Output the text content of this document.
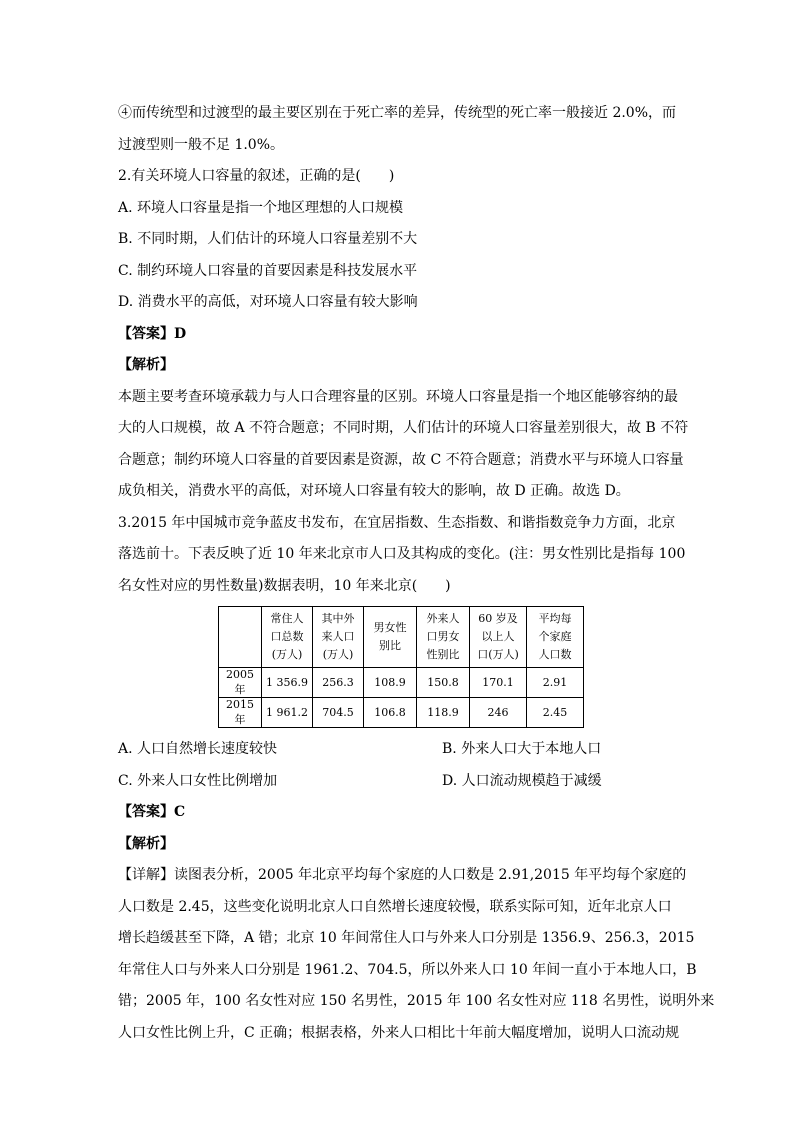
④而传统型和过渡型的最主要区别在于死亡率的差异，传统型的死亡率一般接近 2.0%，而
过渡型则一般不足 1.0%。
2.有关环境人口容量的叙述，正确的是(　　)
A. 环境人口容量是指一个地区理想的人口规模
B. 不同时期，人们估计的环境人口容量差别不大
C. 制约环境人口容量的首要因素是科技发展水平
D. 消费水平的高低，对环境人口容量有较大影响
【答案】D
【解析】
本题主要考查环境承载力与人口合理容量的区别。环境人口容量是指一个地区能够容纳的最
大的人口规模，故 A 不符合题意；不同时期，人们估计的环境人口容量差别很大，故 B 不符
合题意；制约环境人口容量的首要因素是资源，故 C 不符合题意；消费水平与环境人口容量
成负相关，消费水平的高低，对环境人口容量有较大的影响，故 D 正确。故选 D。
3.2015 年中国城市竞争蓝皮书发布，在宜居指数、生态指数、和谐指数竞争力方面，北京
落选前十。下表反映了近 10 年来北京市人口及其构成的变化。(注：男女性别比是指每 100
名女性对应的男性数量)数据表明，10 年来北京(　　)

	常住人
口总数
(万人)	其中外
来人口
(万人)	男女性
别比	外来人
口男女
性别比	60 岁及
以上人
口(万人)	平均每
个家庭
人口数

2005 年	1 356.9	256.3	108.9	150.8	170.1	2.91
2015 年	1 961.2	704.5	106.8	118.9	246	2.45
A. 人口自然增长速度较快	B. 外来人口大于本地人口
C. 外来人口女性比例增加	D. 人口流动规模趋于减缓
【答案】C
【解析】
【详解】读图表分析，2005 年北京平均每个家庭的人口数是 2.91,2015 年平均每个家庭的
人口数是 2.45，这些变化说明北京人口自然增长速度较慢，联系实际可知，近年北京人口
增长趋缓甚至下降，A 错；北京 10 年间常住人口与外来人口分别是 1356.9、256.3，2015
年常住人口与外来人口分别是 1961.2、704.5，所以外来人口 10 年间一直小于本地人口，B
错；2005 年，100 名女性对应 150 名男性，2015 年 100 名女性对应 118 名男性，说明外来
人口女性比例上升，C 正确；根据表格，外来人口相比十年前大幅度增加，说明人口流动规
